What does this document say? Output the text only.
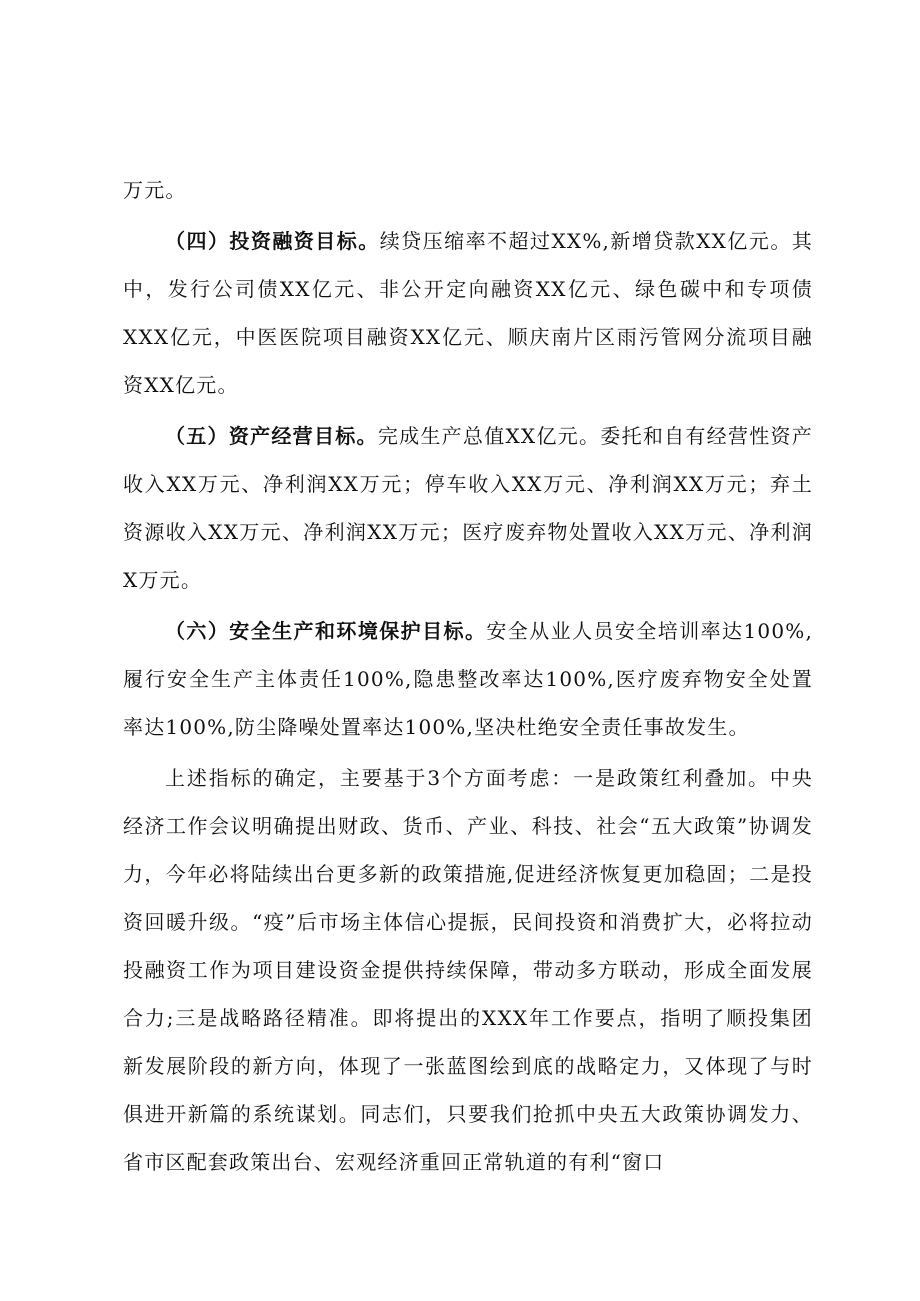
万元。

（四）投资融资目标。续贷压缩率不超过XX%,新增贷款XX亿元。其中，发行公司债XX亿元、非公开定向融资XX亿元、绿色碳中和专项债XXX亿元，中医医院项目融资XX亿元、顺庆南片区雨污管网分流项目融资XX亿元。

（五）资产经营目标。完成生产总值XX亿元。委托和自有经营性资产收入XX万元、净利润XX万元；停车收入XX万元、净利润XX万元；弃土资源收入XX万元、净利润XX万元；医疗废弃物处置收入XX万元、净利润X万元。

（六）安全生产和环境保护目标。安全从业人员安全培训率达100%,履行安全生产主体责任100%,隐患整改率达100%,医疗废弃物安全处置率达100%,防尘降噪处置率达100%,坚决杜绝安全责任事故发生。

上述指标的确定，主要基于3个方面考虑：一是政策红利叠加。中央经济工作会议明确提出财政、货币、产业、科技、社会“五大政策”协调发力，今年必将陆续出台更多新的政策措施,促进经济恢复更加稳固；二是投资回暖升级。“疫”后市场主体信心提振，民间投资和消费扩大，必将拉动投融资工作为项目建设资金提供持续保障，带动多方联动，形成全面发展合力;三是战略路径精准。即将提出的XXX年工作要点，指明了顺投集团新发展阶段的新方向，体现了一张蓝图绘到底的战略定力，又体现了与时俱进开新篇的系统谋划。同志们，只要我们抢抓中央五大政策协调发力、省市区配套政策出台、宏观经济重回正常轨道的有利“窗口
